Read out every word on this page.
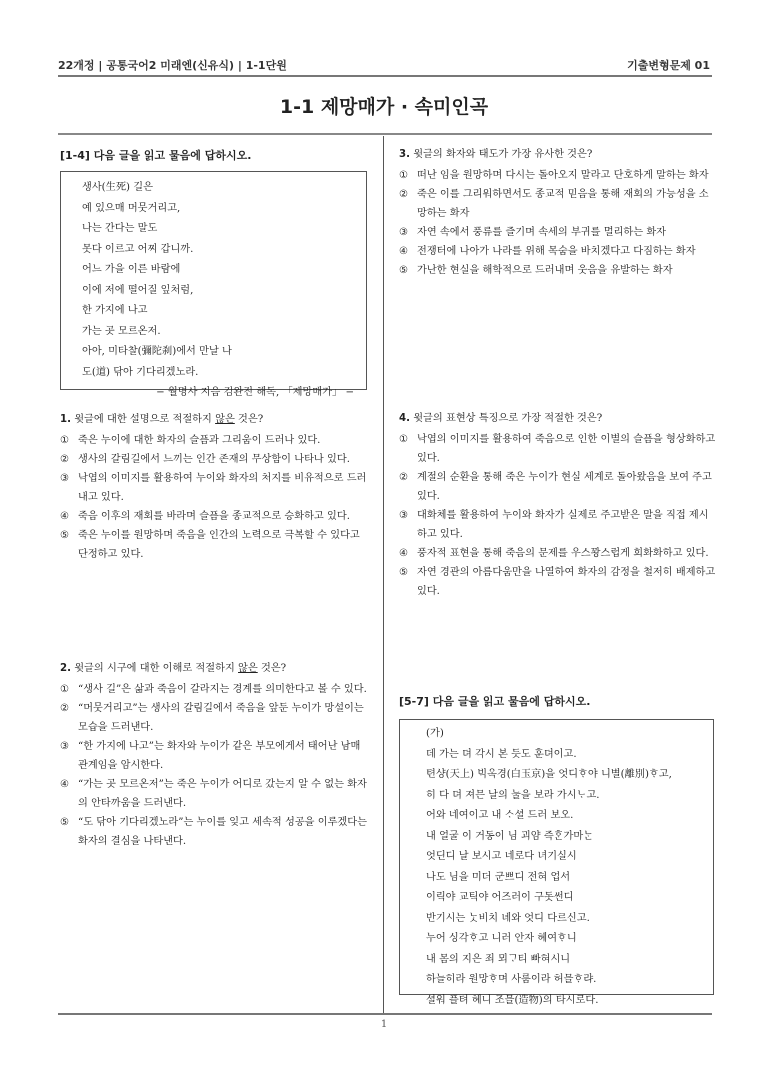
22개정 | 공통국어2 미래엔(신유식) | 1-1단원	기출변형문제 01
1-1 제망매가 · 속미인곡
[1-4] 다음 글을 읽고 물음에 답하시오.
생사(生死) 길은
예 있으매 머뭇거리고,
나는 간다는 말도
못다 이르고 어찌 갑니까.
어느 가을 이른 바람에
이에 저에 떨어질 잎처럼,
한 가지에 나고
가는 곳 모르온저.
아아, 미타찰(彌陀刹)에서 만날 나
도(道) 닦아 기다리겠노라.
− 월명사 지음 김완진 해독, 「제망매가」 −
1. 윗글에 대한 설명으로 적절하지 않은 것은?
① 죽은 누이에 대한 화자의 슬픔과 그리움이 드러나 있다.
② 생사의 갈림길에서 느끼는 인간 존재의 무상함이 나타나 있다.
③ 낙엽의 이미지를 활용하여 누이와 화자의 처지를 비유적으로 드러내고 있다.
④ 죽음 이후의 재회를 바라며 슬픔을 종교적으로 승화하고 있다.
⑤ 죽은 누이를 원망하며 죽음을 인간의 노력으로 극복할 수 있다고 단정하고 있다.
2. 윗글의 시구에 대한 이해로 적절하지 않은 것은?
① “생사 길”은 삶과 죽음이 갈라지는 경계를 의미한다고 볼 수 있다.
② “머뭇거리고”는 생사의 갈림길에서 죽음을 앞둔 누이가 망설이는 모습을 드러낸다.
③ “한 가지에 나고”는 화자와 누이가 같은 부모에게서 태어난 남매 관계임을 암시한다.
④ “가는 곳 모르온저”는 죽은 누이가 어디로 갔는지 알 수 없는 화자의 안타까움을 드러낸다.
⑤ “도 닦아 기다리겠노라”는 누이를 잊고 세속적 성공을 이루겠다는 화자의 결심을 나타낸다.
3. 윗글의 화자와 태도가 가장 유사한 것은?
① 떠난 임을 원망하며 다시는 돌아오지 말라고 단호하게 말하는 화자
② 죽은 이를 그리워하면서도 종교적 믿음을 통해 재회의 가능성을 소망하는 화자
③ 자연 속에서 풍류를 즐기며 속세의 부귀를 멀리하는 화자
④ 전쟁터에 나아가 나라를 위해 목숨을 바치겠다고 다짐하는 화자
⑤ 가난한 현실을 해학적으로 드러내며 웃음을 유발하는 화자
4. 윗글의 표현상 특징으로 가장 적절한 것은?
① 낙엽의 이미지를 활용하여 죽음으로 인한 이별의 슬픔을 형상화하고 있다.
② 계절의 순환을 통해 죽은 누이가 현실 세계로 돌아왔음을 보여 주고 있다.
③ 대화체를 활용하여 누이와 화자가 실제로 주고받은 말을 직접 제시하고 있다.
④ 풍자적 표현을 통해 죽음의 문제를 우스꽝스럽게 희화화하고 있다.
⑤ 자연 경관의 아름다움만을 나열하여 화자의 감정을 철저히 배제하고 있다.
[5-7] 다음 글을 읽고 물음에 답하시오.
(가)
데 가는 뎌 각시 본 듯도 훈뎌이고.
텬샹(天上) 빅옥경(白玉京)을 엇디ᄒᆞ야 니별(離別)ᄒᆞ고,
히 다 뎌 져믄 날의 눌을 보라 가시ᄂᆞ고.
어와 네여이고 내 ᄉᆞ셜 드러 보오.
내 얼굴 이 거동이 님 괴얌 즉ᄒᆞᆫ가마ᄂᆞᆫ
엇딘디 날 보시고 네로다 녀기실시
나도 님을 미더 군쁘디 전혀 업서
이릭야 교틱야 어즈러이 구돗썬디
반기시는 ᄂᆞᆺ비치 녜와 엇디 다르신고.
누어 싱각ᄒᆞ고 니러 안자 혜여ᄒᆞ니
내 몸의 지은 죄 뫼ᄀᆞ티 빠혀시니
하늘히라 원망ᄒᆞ며 사룸이라 허믈ᄒᆞ랴.
셜워 플텨 혜니 조믈(造物)의 타시로다.
1
